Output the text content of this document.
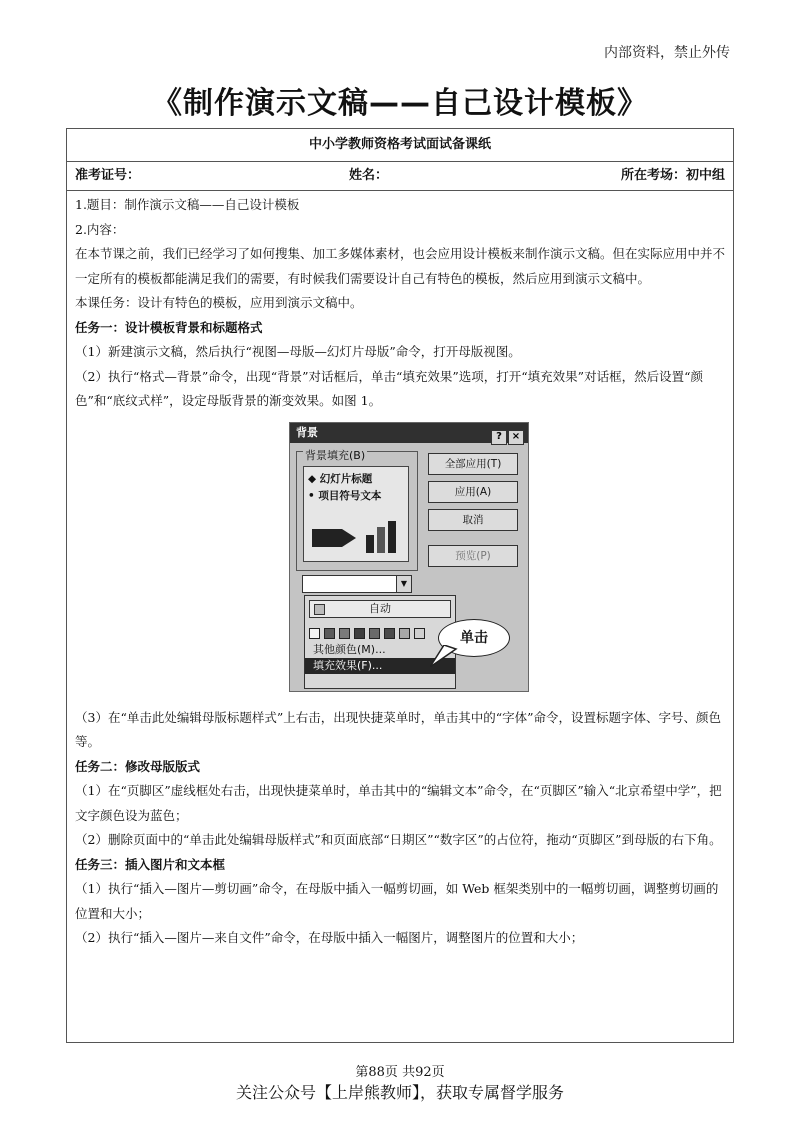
内部资料，禁止外传
《制作演示文稿——自己设计模板》
中小学教师资格考试面试备课纸
准考证号：	姓名：	所在考场：初中组

1.题目：制作演示文稿——自己设计模板

2.内容：

在本节课之前，我们已经学习了如何搜集、加工多媒体素材，也会应用设计模板来制作演示文稿。但在实际应用中并不一定所有的模板都能满足我们的需要，有时候我们需要设计自己有特色的模板，然后应用到演示文稿中。

本课任务：设计有特色的模板，应用到演示文稿中。

任务一：设计模板背景和标题格式

（1）新建演示文稿，然后执行“视图—母版—幻灯片母版”命令，打开母版视图。

（2）执行“格式—背景”命令，出现“背景”对话框后，单击“填充效果”选项，打开“填充效果”对话框，然后设置“颜色”和“底纹式样”，设定母版背景的渐变效果。如图 1。

背景	? ×
背景填充(B)
◆ 幻灯片标题
• 项目符号文本
全部应用(T)
应用(A)
取消
预览(P)
▼
自动
其他颜色(M)...
填充效果(F)...
单击

（3）在“单击此处编辑母版标题样式”上右击，出现快捷菜单时，单击其中的“字体”命令，设置标题字体、字号、颜色等。

任务二：修改母版版式

（1）在“页脚区”虚线框处右击，出现快捷菜单时，单击其中的“编辑文本”命令，在“页脚区”输入“北京希望中学”，把文字颜色设为蓝色；

（2）删除页面中的“单击此处编辑母版样式”和页面底部“日期区”“数字区”的占位符，拖动“页脚区”到母版的右下角。

任务三：插入图片和文本框

（1）执行“插入—图片—剪切画”命令，在母版中插入一幅剪切画，如 Web 框架类别中的一幅剪切画，调整剪切画的位置和大小；

（2）执行“插入—图片—来自文件”命令，在母版中插入一幅图片，调整图片的位置和大小；

第88页 共92页
关注公众号【上岸熊教师】，获取专属督学服务
